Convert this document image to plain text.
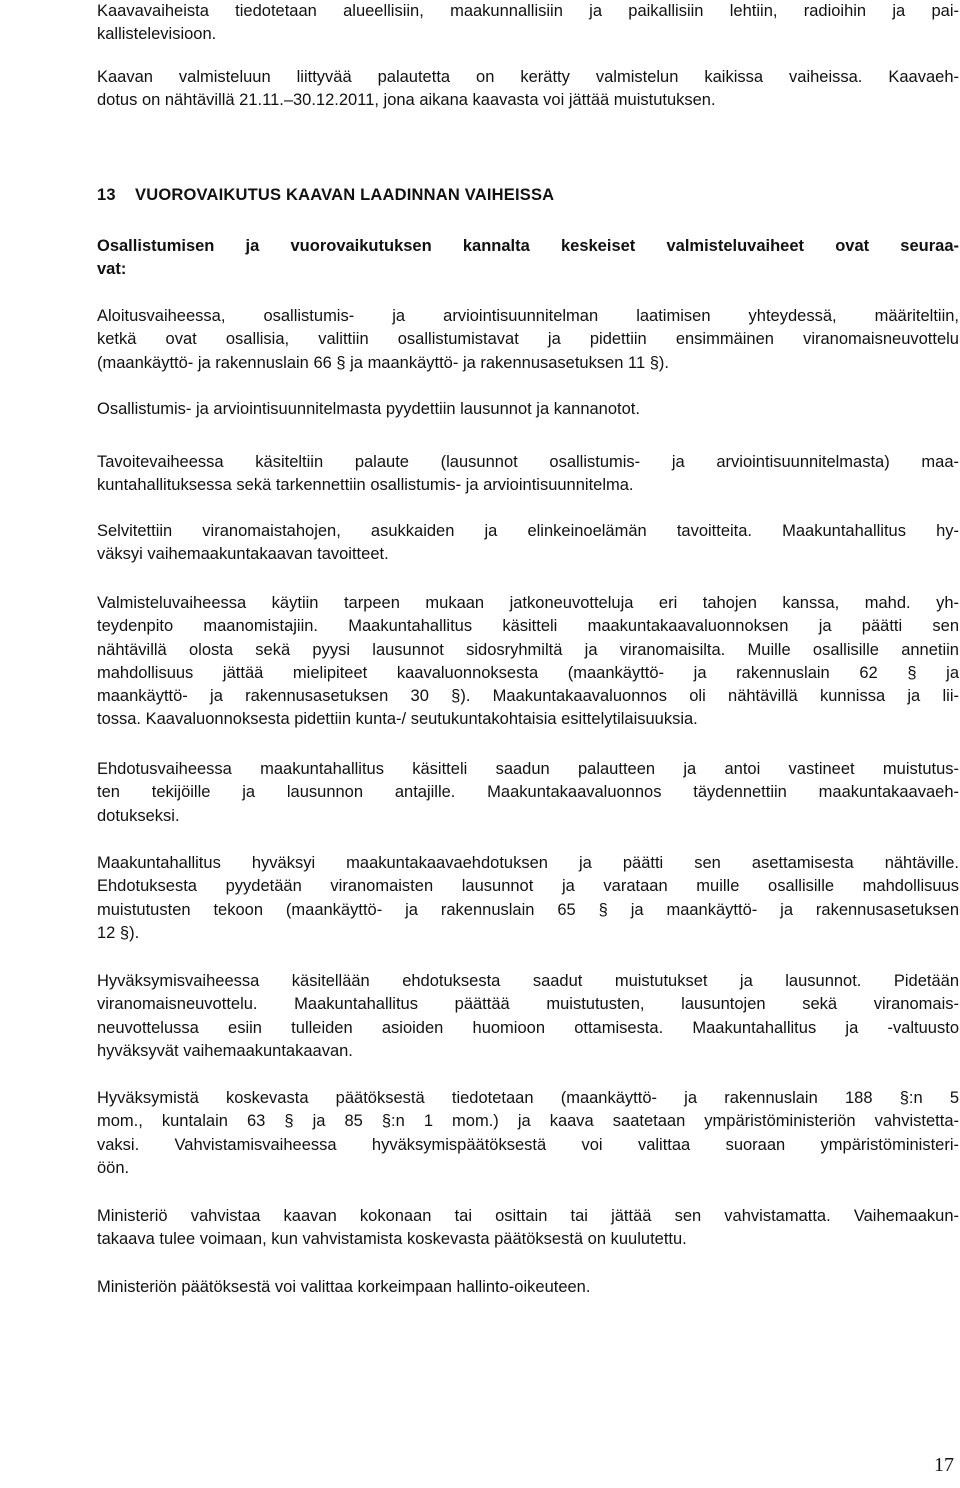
Kaavavaiheista tiedotetaan alueellisiin, maakunnallisiin ja paikallisiin lehtiin, radioihin ja pai-
kallistelevisioon.

Kaavan valmisteluun liittyvää palautetta on kerätty valmistelun kaikissa vaiheissa. Kaavaeh-
dotus on nähtävillä 21.11.–30.12.2011, jona aikana kaavasta voi jättää muistutuksen.

13 VUOROVAIKUTUS KAAVAN LAADINNAN VAIHEISSA

Osallistumisen ja vuorovaikutuksen kannalta keskeiset valmisteluvaiheet ovat seuraa-
vat:

Aloitusvaiheessa, osallistumis- ja arviointisuunnitelman laatimisen yhteydessä, määriteltiin,
ketkä ovat osallisia, valittiin osallistumistavat ja pidettiin ensimmäinen viranomaisneuvottelu
(maankäyttö- ja rakennuslain 66 § ja maankäyttö- ja rakennusasetuksen 11 §).

Osallistumis- ja arviointisuunnitelmasta pyydettiin lausunnot ja kannanotot.

Tavoitevaiheessa käsiteltiin palaute (lausunnot osallistumis- ja arviointisuunnitelmasta) maa-
kuntahallituksessa sekä tarkennettiin osallistumis- ja arviointisuunnitelma.

Selvitettiin viranomaistahojen, asukkaiden ja elinkeinoelämän tavoitteita. Maakuntahallitus hy-
väksyi vaihemaakuntakaavan tavoitteet.

Valmisteluvaiheessa käytiin tarpeen mukaan jatkoneuvotteluja eri tahojen kanssa, mahd. yh-
teydenpito maanomistajiin. Maakuntahallitus käsitteli maakuntakaavaluonnoksen ja päätti sen
nähtävillä olosta sekä pyysi lausunnot sidosryhmiltä ja viranomaisilta. Muille osallisille annetiin
mahdollisuus jättää mielipiteet kaavaluonnoksesta (maankäyttö- ja rakennuslain 62 § ja
maankäyttö- ja rakennusasetuksen 30 §). Maakuntakaavaluonnos oli nähtävillä kunnissa ja lii-
tossa. Kaavaluonnoksesta pidettiin kunta-/ seutukuntakohtaisia esittelytilaisuuksia.

Ehdotusvaiheessa maakuntahallitus käsitteli saadun palautteen ja antoi vastineet muistutus-
ten tekijöille ja lausunnon antajille. Maakuntakaavaluonnos täydennettiin maakuntakaavaeh-
dotukseksi.

Maakuntahallitus hyväksyi maakuntakaavaehdotuksen ja päätti sen asettamisesta nähtäville.
Ehdotuksesta pyydetään viranomaisten lausunnot ja varataan muille osallisille mahdollisuus
muistutusten tekoon (maankäyttö- ja rakennuslain 65 § ja maankäyttö- ja rakennusasetuksen
12 §).

Hyväksymisvaiheessa käsitellään ehdotuksesta saadut muistutukset ja lausunnot. Pidetään
viranomaisneuvottelu. Maakuntahallitus päättää muistutusten, lausuntojen sekä viranomais-
neuvottelussa esiin tulleiden asioiden huomioon ottamisesta. Maakuntahallitus ja -valtuusto
hyväksyvät vaihemaakuntakaavan.

Hyväksymistä koskevasta päätöksestä tiedotetaan (maankäyttö- ja rakennuslain 188 §:n 5
mom., kuntalain 63 § ja 85 §:n 1 mom.) ja kaava saatetaan ympäristöministeriön vahvistetta-
vaksi. Vahvistamisvaiheessa hyväksymispäätöksestä voi valittaa suoraan ympäristöministeri-
öön.

Ministeriö vahvistaa kaavan kokonaan tai osittain tai jättää sen vahvistamatta. Vaihemaakun-
takaava tulee voimaan, kun vahvistamista koskevasta päätöksestä on kuulutettu.

Ministeriön päätöksestä voi valittaa korkeimpaan hallinto-oikeuteen.

17
